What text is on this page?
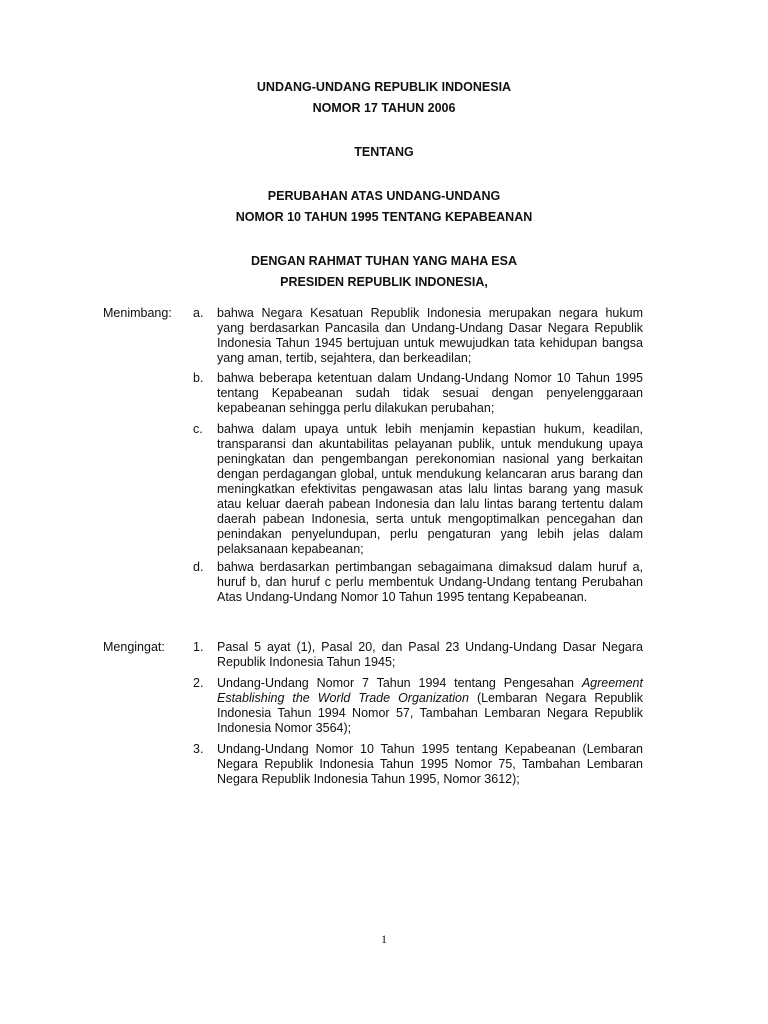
UNDANG-UNDANG REPUBLIK INDONESIA
NOMOR 17 TAHUN 2006
TENTANG
PERUBAHAN ATAS UNDANG-UNDANG
NOMOR 10 TAHUN 1995 TENTANG KEPABEANAN
DENGAN RAHMAT TUHAN YANG MAHA ESA
PRESIDEN REPUBLIK INDONESIA,
Menimbang: a.	bahwa Negara Kesatuan Republik Indonesia merupakan negara hukum yang berdasarkan Pancasila dan Undang-Undang Dasar Negara Republik Indonesia Tahun 1945 bertujuan untuk mewujudkan tata kehidupan bangsa yang aman, tertib, sejahtera, dan berkeadilan;

b.	bahwa beberapa ketentuan dalam Undang-Undang Nomor 10 Tahun 1995 tentang Kepabeanan sudah tidak sesuai dengan penyelenggaraan kepabeanan sehingga perlu dilakukan perubahan;

c.	bahwa dalam upaya untuk lebih menjamin kepastian hukum, keadilan, transparansi dan akuntabilitas pelayanan publik, untuk mendukung upaya peningkatan dan pengembangan perekonomian nasional yang berkaitan dengan perdagangan global, untuk mendukung kelancaran arus barang dan meningkatkan efektivitas pengawasan atas lalu lintas barang yang masuk atau keluar daerah pabean Indonesia dan lalu lintas barang tertentu dalam daerah pabean Indonesia, serta untuk mengoptimalkan pencegahan dan penindakan penyelundupan, perlu pengaturan yang lebih jelas dalam pelaksanaan kepabeanan;

d.	bahwa berdasarkan pertimbangan sebagaimana dimaksud dalam huruf a, huruf b, dan huruf c perlu membentuk Undang-Undang tentang Perubahan Atas Undang-Undang Nomor 10 Tahun 1995 tentang Kepabeanan.

Mengingat: 1.	Pasal 5 ayat (1), Pasal 20, dan Pasal 23 Undang-Undang Dasar Negara Republik Indonesia Tahun 1945;

2.	Undang-Undang Nomor 7 Tahun 1994 tentang Pengesahan Agreement Establishing the World Trade Organization (Lembaran Negara Republik Indonesia Tahun 1994 Nomor 57, Tambahan Lembaran Negara Republik Indonesia Nomor 3564);

3.	Undang-Undang Nomor 10 Tahun 1995 tentang Kepabeanan (Lembaran Negara Republik Indonesia Tahun 1995 Nomor 75, Tambahan Lembaran Negara Republik Indonesia Tahun 1995, Nomor 3612);

1
